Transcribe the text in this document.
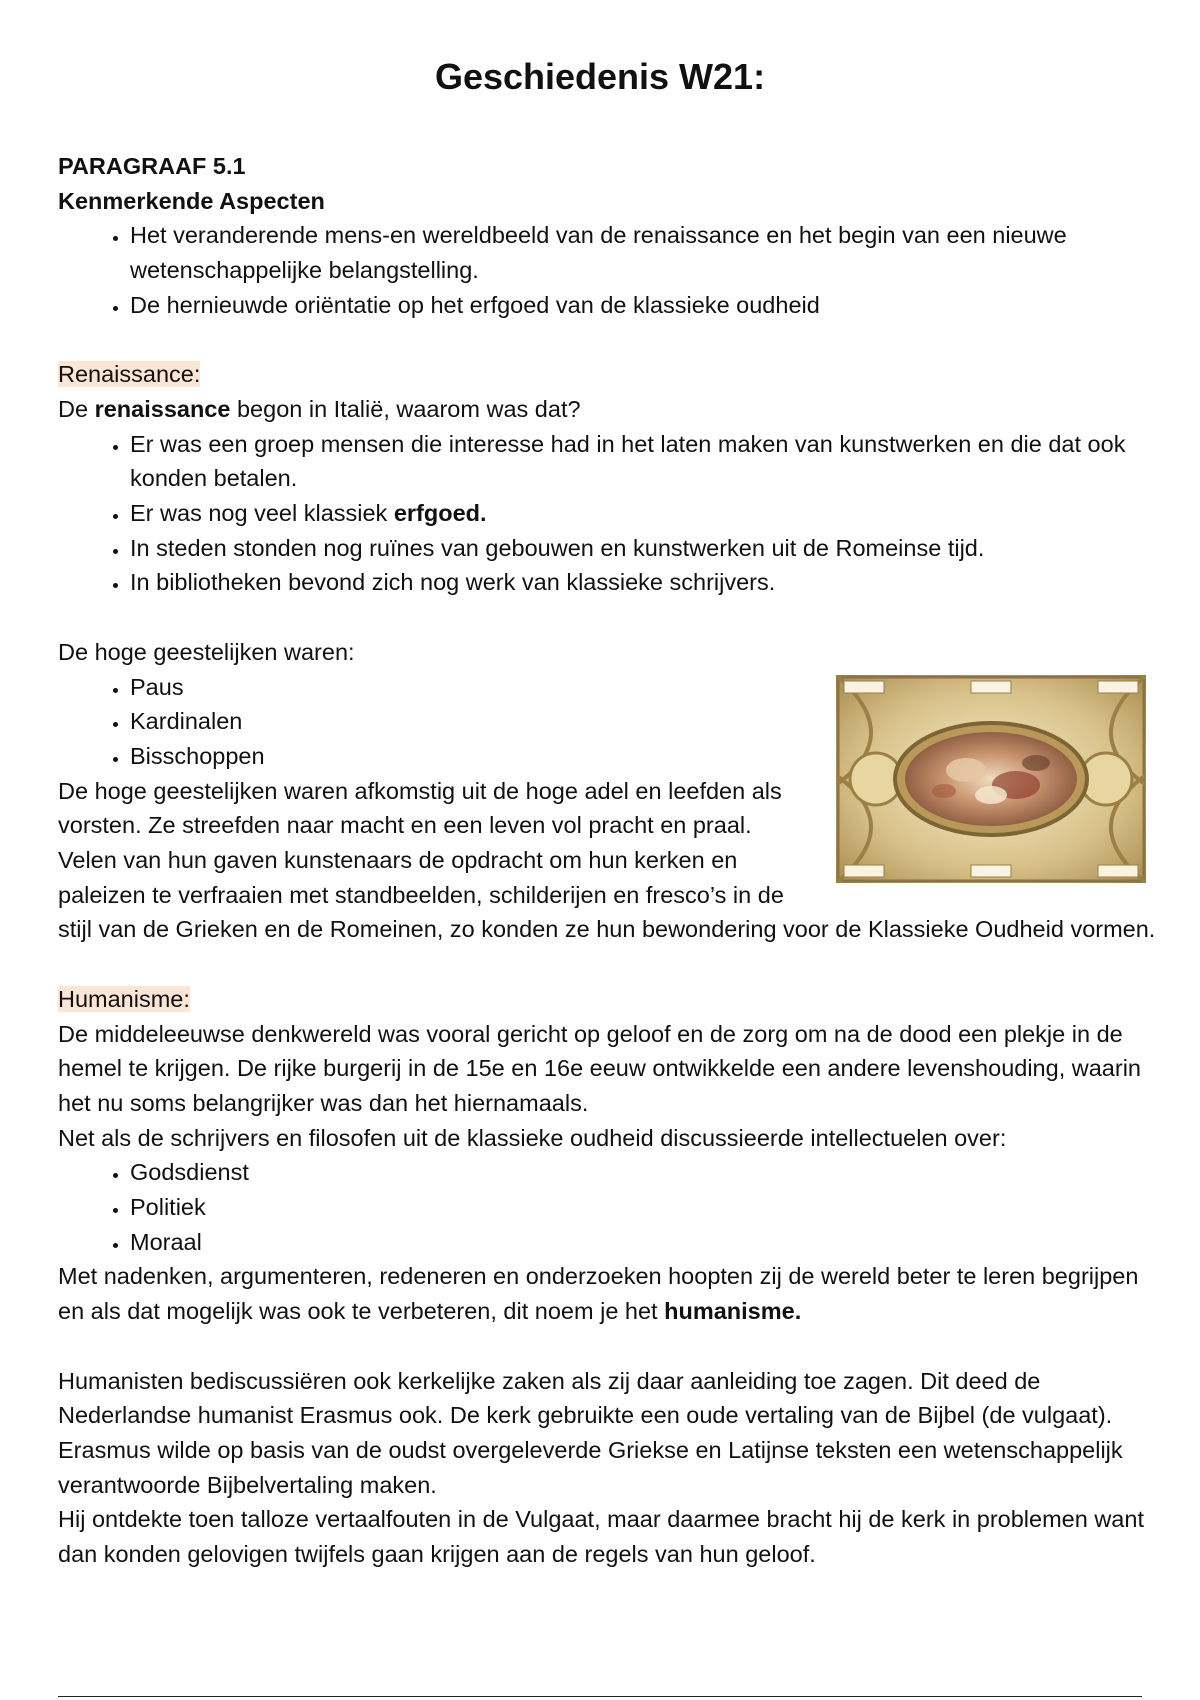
Geschiedenis W21:

PARAGRAAF 5.1

Kenmerkende Aspecten

• Het veranderende mens-en wereldbeeld van de renaissance en het begin van een nieuwe wetenschappelijke belangstelling.
• De hernieuwde oriëntatie op het erfgoed van de klassieke oudheid

Renaissance:

De renaissance begon in Italië, waarom was dat?

• Er was een groep mensen die interesse had in het laten maken van kunstwerken en die dat ook konden betalen.
• Er was nog veel klassiek erfgoed.
• In steden stonden nog ruïnes van gebouwen en kunstwerken uit de Romeinse tijd.
• In bibliotheken bevond zich nog werk van klassieke schrijvers.

De hoge geestelijken waren:

• Paus
• Kardinalen
• Bisschoppen

De hoge geestelijken waren afkomstig uit de hoge adel en leefden als vorsten. Ze streefden naar macht en een leven vol pracht en praal.

Velen van hun gaven kunstenaars de opdracht om hun kerken en paleizen te verfraaien met standbeelden, schilderijen en fresco’s in de stijl van de Grieken en de Romeinen, zo konden ze hun bewondering voor de Klassieke Oudheid vormen.

Humanisme:

De middeleeuwse denkwereld was vooral gericht op geloof en de zorg om na de dood een plekje in de hemel te krijgen. De rijke burgerij in de 15e en 16e eeuw ontwikkelde een andere levenshouding, waarin het nu soms belangrijker was dan het hiernamaals.

Net als de schrijvers en filosofen uit de klassieke oudheid discussieerde intellectuelen over:

• Godsdienst
• Politiek
• Moraal

Met nadenken, argumenteren, redeneren en onderzoeken hoopten zij de wereld beter te leren begrijpen en als dat mogelijk was ook te verbeteren, dit noem je het humanisme.

Humanisten bediscussiëren ook kerkelijke zaken als zij daar aanleiding toe zagen. Dit deed de Nederlandse humanist Erasmus ook. De kerk gebruikte een oude vertaling van de Bijbel (de vulgaat). Erasmus wilde op basis van de oudst overgeleverde Griekse en Latijnse teksten een wetenschappelijk verantwoorde Bijbelvertaling maken.

Hij ontdekte toen talloze vertaalfouten in de Vulgaat, maar daarmee bracht hij de kerk in problemen want dan konden gelovigen twijfels gaan krijgen aan de regels van hun geloof.
